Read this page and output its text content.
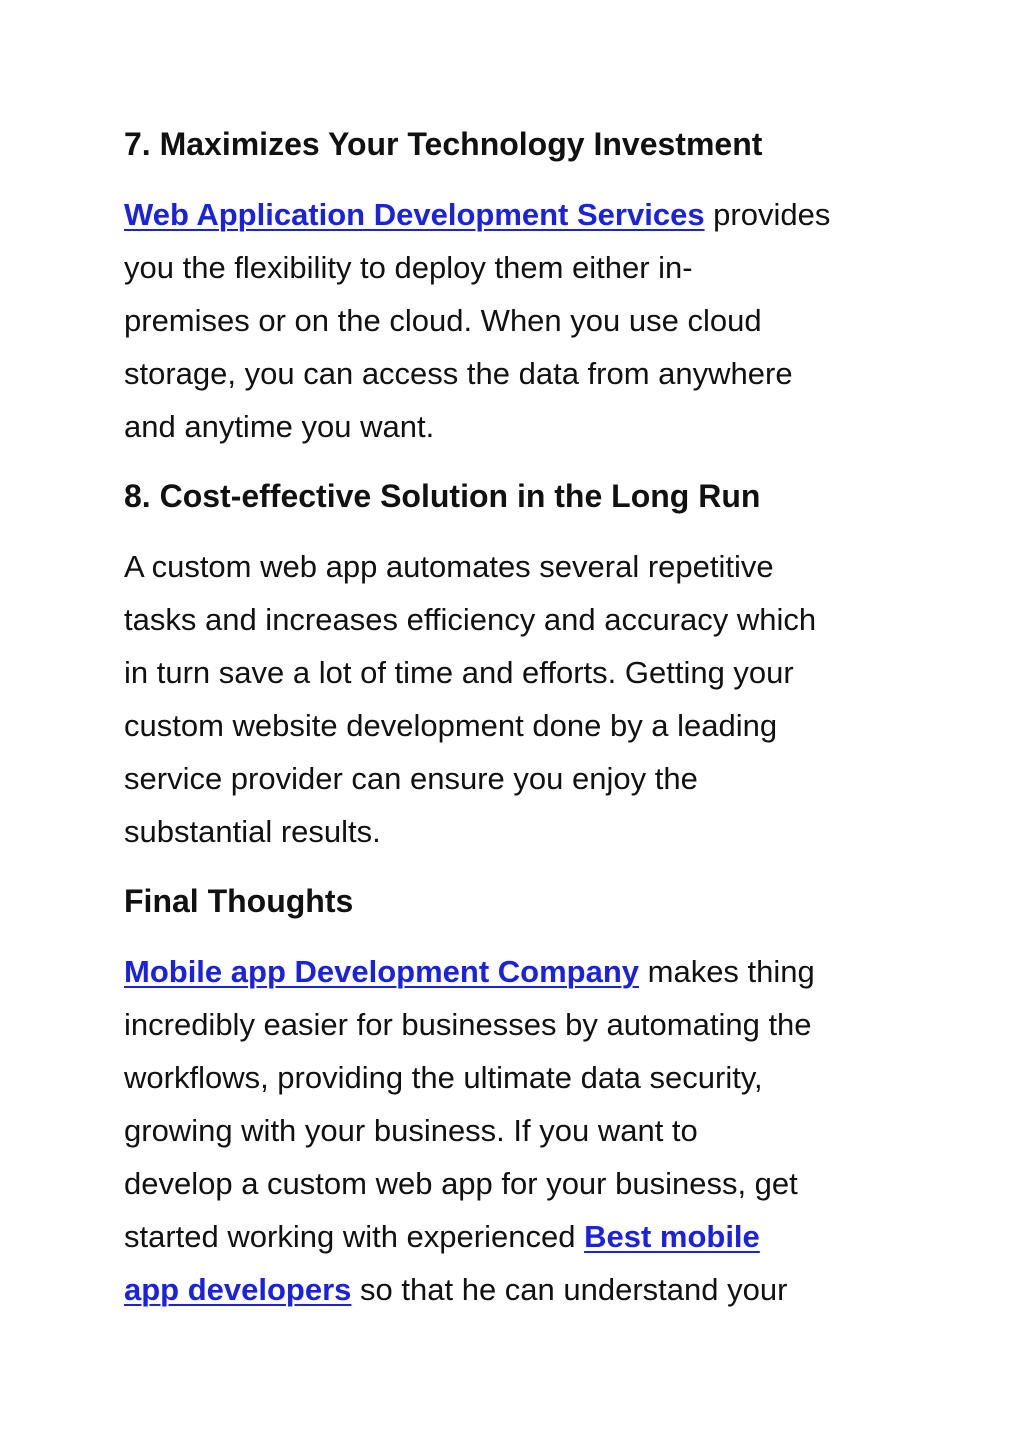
7. Maximizes Your Technology Investment
Web Application Development Services provides
you the flexibility to deploy them either in-
premises or on the cloud. When you use cloud
storage, you can access the data from anywhere
and anytime you want.
8. Cost-effective Solution in the Long Run
A custom web app automates several repetitive
tasks and increases efficiency and accuracy which
in turn save a lot of time and efforts. Getting your
custom website development done by a leading
service provider can ensure you enjoy the
substantial results.
Final Thoughts
Mobile app Development Company makes thing
incredibly easier for businesses by automating the
workflows, providing the ultimate data security,
growing with your business. If you want to
develop a custom web app for your business, get
started working with experienced Best mobile
app developers so that he can understand your
